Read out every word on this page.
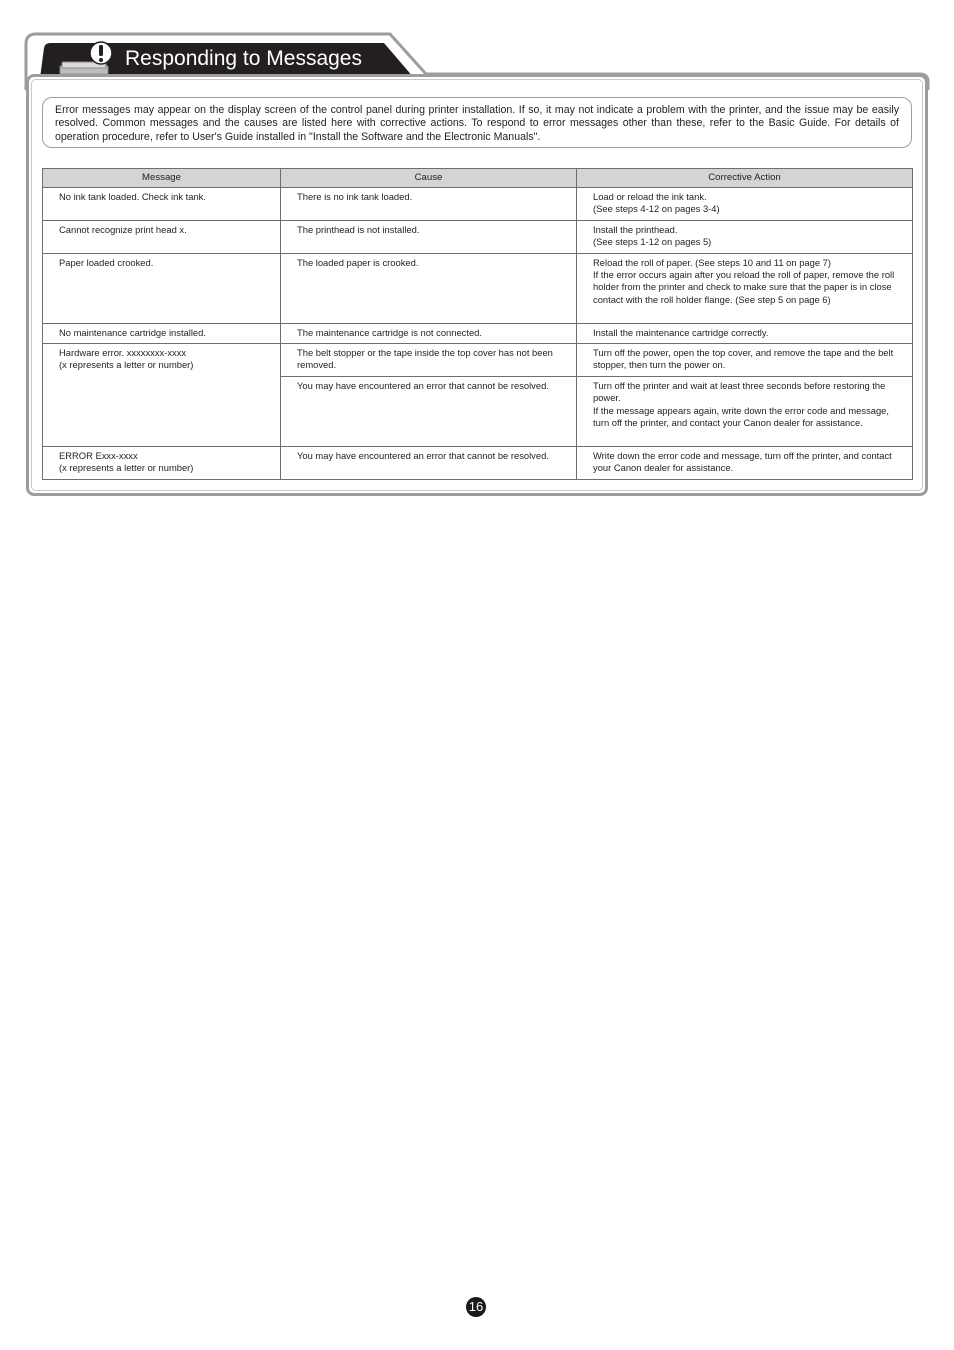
Responding to Messages
Error messages may appear on the display screen of the control panel during printer installation. If so, it may not indicate a problem with the printer, and the issue may be easily resolved. Common messages and the causes are listed here with corrective actions. To respond to error messages other than these, refer to the Basic Guide. For details of operation procedure, refer to User's Guide installed in "Install the Software and the Electronic Manuals".
Message	Cause	Corrective Action

No ink tank loaded. Check ink tank.	There is no ink tank loaded.	Load or reload the ink tank.
(See steps 4-12 on pages 3-4)

Cannot recognize print head x.	The printhead is not installed.	Install the printhead.
(See steps 1-12 on pages 5)

Paper loaded crooked.	The loaded paper is crooked.	Reload the roll of paper. (See steps 10 and 11 on page 7)
If the error occurs again after you reload the roll of paper, remove the roll holder from the printer and check to make sure that the paper is in close contact with the roll holder flange. (See step 5 on page 6)

No maintenance cartridge installed.	The maintenance cartridge is not connected.	Install the maintenance cartridge correctly.

Hardware error. xxxxxxxx-xxxx
(x represents a letter or number)	The belt stopper or the tape inside the top cover has not been removed.	Turn off the power, open the top cover, and remove the tape and the belt stopper, then turn the power on.

	You may have encountered an error that cannot be resolved.	Turn off the printer and wait at least three seconds before restoring the power.
If the message appears again, write down the error code and message, turn off the printer, and contact your Canon dealer for assistance.

ERROR Exxx-xxxx
(x represents a letter or number)	You may have encountered an error that cannot be resolved.	Write down the error code and message, turn off the printer, and contact your Canon dealer for assistance.
16
